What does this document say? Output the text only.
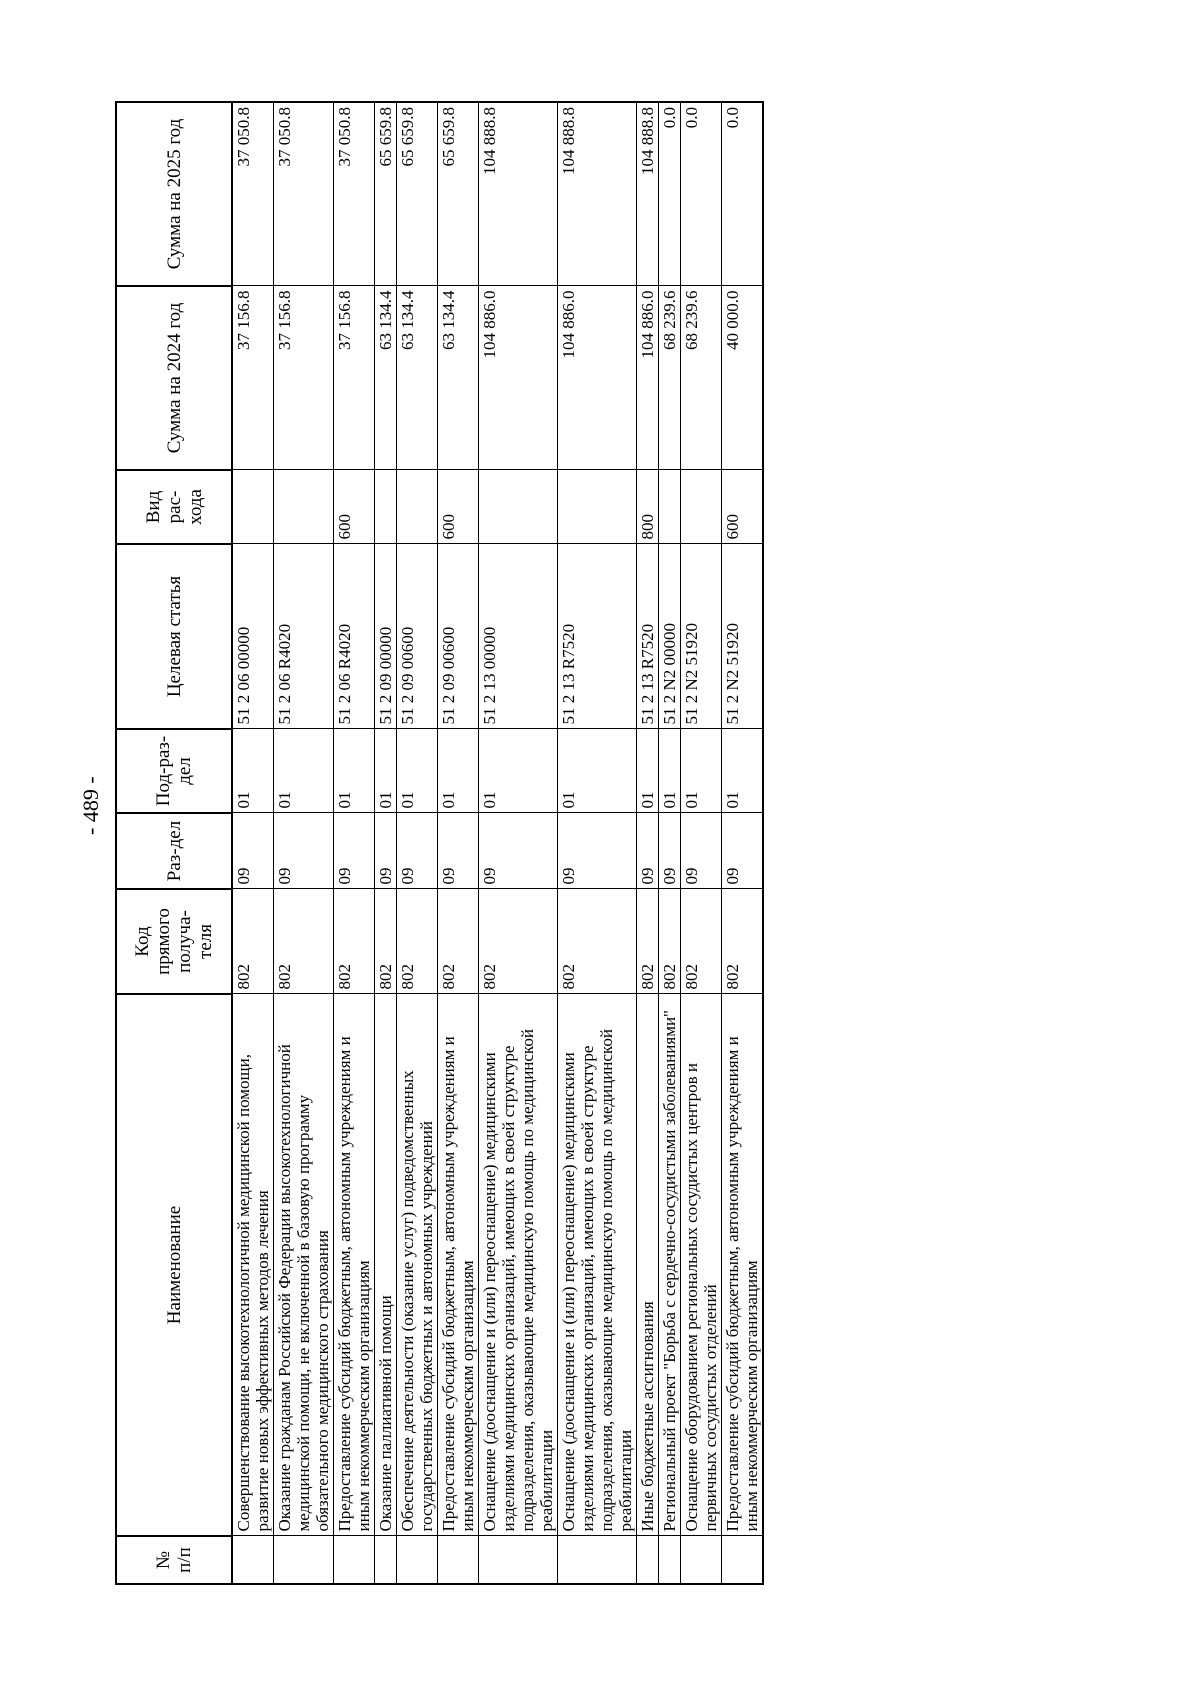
- 489 -
№ п/п	Наименование	Код прямого получа-теля	Раз-дел	Под-раз-дел	Целевая статья	Вид рас-хода	Сумма на 2024 год	Сумма на 2025 год
	Совершенствование высокотехнологичной медицинской помощи, развитие новых эффективных методов лечения	802	09	01	51 2 06 00000		37 156.8	37 050.8
	Оказание гражданам Российской Федерации высокотехнологичной медицинской помощи, не включенной в базовую программу обязательного медицинского страхования	802	09	01	51 2 06 R4020		37 156.8	37 050.8
	Предоставление субсидий бюджетным, автономным учреждениям и иным некоммерческим организациям	802	09	01	51 2 06 R4020	600	37 156.8	37 050.8
	Оказание паллиативной помощи	802	09	01	51 2 09 00000		63 134.4	65 659.8
	Обеспечение деятельности (оказание услуг) подведомственных государственных бюджетных и автономных учреждений	802	09	01	51 2 09 00600		63 134.4	65 659.8
	Предоставление субсидий бюджетным, автономным учреждениям и иным некоммерческим организациям	802	09	01	51 2 09 00600	600	63 134.4	65 659.8
	Оснащение (дооснащение и (или) переоснащение) медицинскими изделиями медицинских организаций, имеющих в своей структуре подразделения, оказывающие медицинскую помощь по медицинской реабилитации	802	09	01	51 2 13 00000		104 886.0	104 888.8
	Оснащение (дооснащение и (или) переоснащение) медицинскими изделиями медицинских организаций, имеющих в своей структуре подразделения, оказывающие медицинскую помощь по медицинской реабилитации	802	09	01	51 2 13 R7520		104 886.0	104 888.8
	Иные бюджетные ассигнования	802	09	01	51 2 13 R7520	800	104 886.0	104 888.8
	Региональный проект "Борьба с сердечно-сосудистыми заболеваниями"	802	09	01	51 2 N2 00000		68 239.6	0.0
	Оснащение оборудованием региональных сосудистых центров и первичных сосудистых отделений	802	09	01	51 2 N2 51920		68 239.6	0.0
	Предоставление субсидий бюджетным, автономным учреждениям и иным некоммерческим организациям	802	09	01	51 2 N2 51920	600	40 000.0	0.0
